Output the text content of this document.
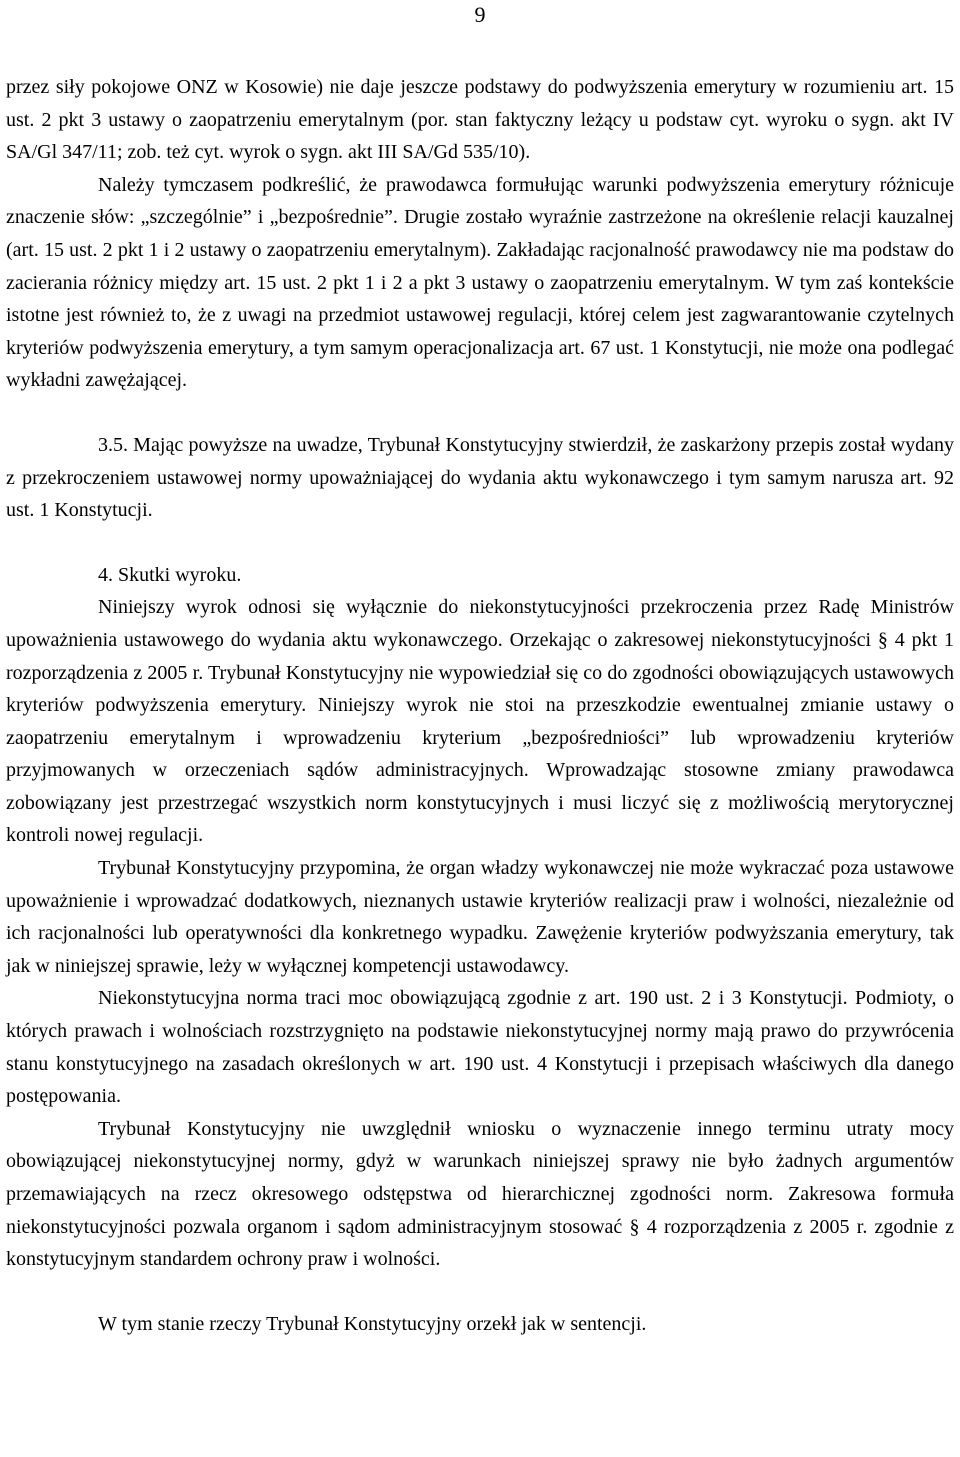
9

przez siły pokojowe ONZ w Kosowie) nie daje jeszcze podstawy do podwyższenia emerytury w rozumieniu art. 15 ust. 2 pkt 3 ustawy o zaopatrzeniu emerytalnym (por. stan faktyczny leżący u podstaw cyt. wyroku o sygn. akt IV SA/Gl 347/11; zob. też cyt. wyrok o sygn. akt III SA/Gd 535/10).

Należy tymczasem podkreślić, że prawodawca formułując warunki podwyższenia emerytury różnicuje znaczenie słów: „szczególnie” i „bezpośrednie”. Drugie zostało wyraźnie zastrzeżone na określenie relacji kauzalnej (art. 15 ust. 2 pkt 1 i 2 ustawy o zaopatrzeniu emerytalnym). Zakładając racjonalność prawodawcy nie ma podstaw do zacierania różnicy między art. 15 ust. 2 pkt 1 i 2 a pkt 3 ustawy o zaopatrzeniu emerytalnym. W tym zaś kontekście istotne jest również to, że z uwagi na przedmiot ustawowej regulacji, której celem jest zagwarantowanie czytelnych kryteriów podwyższenia emerytury, a tym samym operacjonalizacja art. 67 ust. 1 Konstytucji, nie może ona podlegać wykładni zawężającej.

3.5. Mając powyższe na uwadze, Trybunał Konstytucyjny stwierdził, że zaskarżony przepis został wydany z przekroczeniem ustawowej normy upoważniającej do wydania aktu wykonawczego i tym samym narusza art. 92 ust. 1 Konstytucji.

4. Skutki wyroku.

Niniejszy wyrok odnosi się wyłącznie do niekonstytucyjności przekroczenia przez Radę Ministrów upoważnienia ustawowego do wydania aktu wykonawczego. Orzekając o zakresowej niekonstytucyjności § 4 pkt 1 rozporządzenia z 2005 r. Trybunał Konstytucyjny nie wypowiedział się co do zgodności obowiązujących ustawowych kryteriów podwyższenia emerytury. Niniejszy wyrok nie stoi na przeszkodzie ewentualnej zmianie ustawy o zaopatrzeniu emerytalnym i wprowadzeniu kryterium „bezpośredniości” lub wprowadzeniu kryteriów przyjmowanych w orzeczeniach sądów administracyjnych. Wprowadzając stosowne zmiany prawodawca zobowiązany jest przestrzegać wszystkich norm konstytucyjnych i musi liczyć się z możliwością merytorycznej kontroli nowej regulacji.

Trybunał Konstytucyjny przypomina, że organ władzy wykonawczej nie może wykraczać poza ustawowe upoważnienie i wprowadzać dodatkowych, nieznanych ustawie kryteriów realizacji praw i wolności, niezależnie od ich racjonalności lub operatywności dla konkretnego wypadku. Zawężenie kryteriów podwyższania emerytury, tak jak w niniejszej sprawie, leży w wyłącznej kompetencji ustawodawcy.

Niekonstytucyjna norma traci moc obowiązującą zgodnie z art. 190 ust. 2 i 3 Konstytucji. Podmioty, o których prawach i wolnościach rozstrzygnięto na podstawie niekonstytucyjnej normy mają prawo do przywrócenia stanu konstytucyjnego na zasadach określonych w art. 190 ust. 4 Konstytucji i przepisach właściwych dla danego postępowania.

Trybunał Konstytucyjny nie uwzględnił wniosku o wyznaczenie innego terminu utraty mocy obowiązującej niekonstytucyjnej normy, gdyż w warunkach niniejszej sprawy nie było żadnych argumentów przemawiających na rzecz okresowego odstępstwa od hierarchicznej zgodności norm. Zakresowa formuła niekonstytucyjności pozwala organom i sądom administracyjnym stosować § 4 rozporządzenia z 2005 r. zgodnie z konstytucyjnym standardem ochrony praw i wolności.

W tym stanie rzeczy Trybunał Konstytucyjny orzekł jak w sentencji.
